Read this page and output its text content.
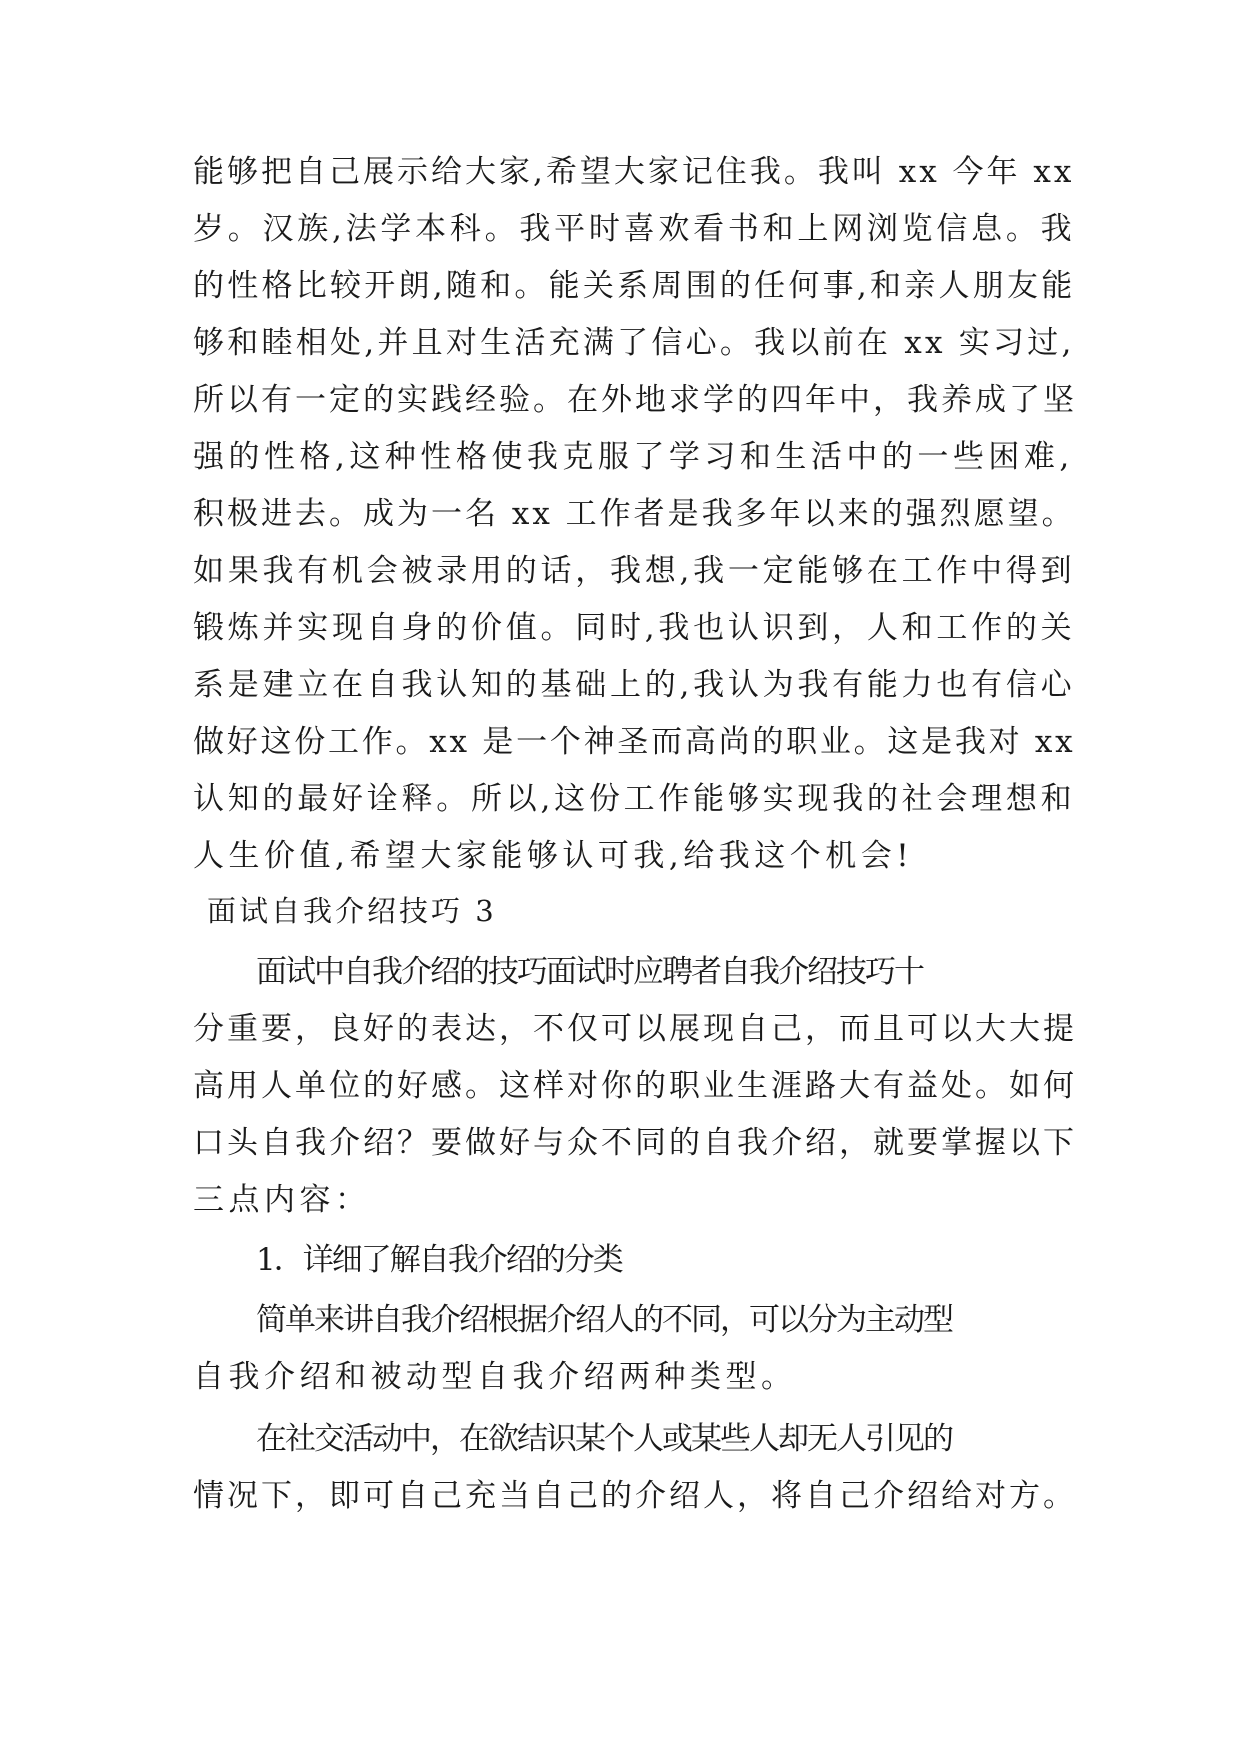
能够把自己展示给大家,希望大家记住我。我叫 xx 今年 xx
岁。汉族,法学本科。我平时喜欢看书和上网浏览信息。我
的性格比较开朗,随和。能关系周围的任何事,和亲人朋友能
够和睦相处,并且对生活充满了信心。我以前在 xx 实习过,
所以有一定的实践经验。在外地求学的四年中，我养成了坚
强的性格,这种性格使我克服了学习和生活中的一些困难,
积极进去。成为一名 xx 工作者是我多年以来的强烈愿望。
如果我有机会被录用的话，我想,我一定能够在工作中得到
锻炼并实现自身的价值。同时,我也认识到，人和工作的关
系是建立在自我认知的基础上的,我认为我有能力也有信心
做好这份工作。xx 是一个神圣而高尚的职业。这是我对 xx
认知的最好诠释。所以,这份工作能够实现我的社会理想和
人生价值,希望大家能够认可我,给我这个机会!
面试自我介绍技巧 3
面试中自我介绍的技巧面试时应聘者自我介绍技巧十
分重要，良好的表达，不仅可以展现自己，而且可以大大提
高用人单位的好感。这样对你的职业生涯路大有益处。如何
口头自我介绍？要做好与众不同的自我介绍，就要掌握以下
三点内容：
1．详细了解自我介绍的分类
简单来讲自我介绍根据介绍人的不同，可以分为主动型
自我介绍和被动型自我介绍两种类型。
在社交活动中，在欲结识某个人或某些人却无人引见的
情况下，即可自己充当自己的介绍人，将自己介绍给对方。
